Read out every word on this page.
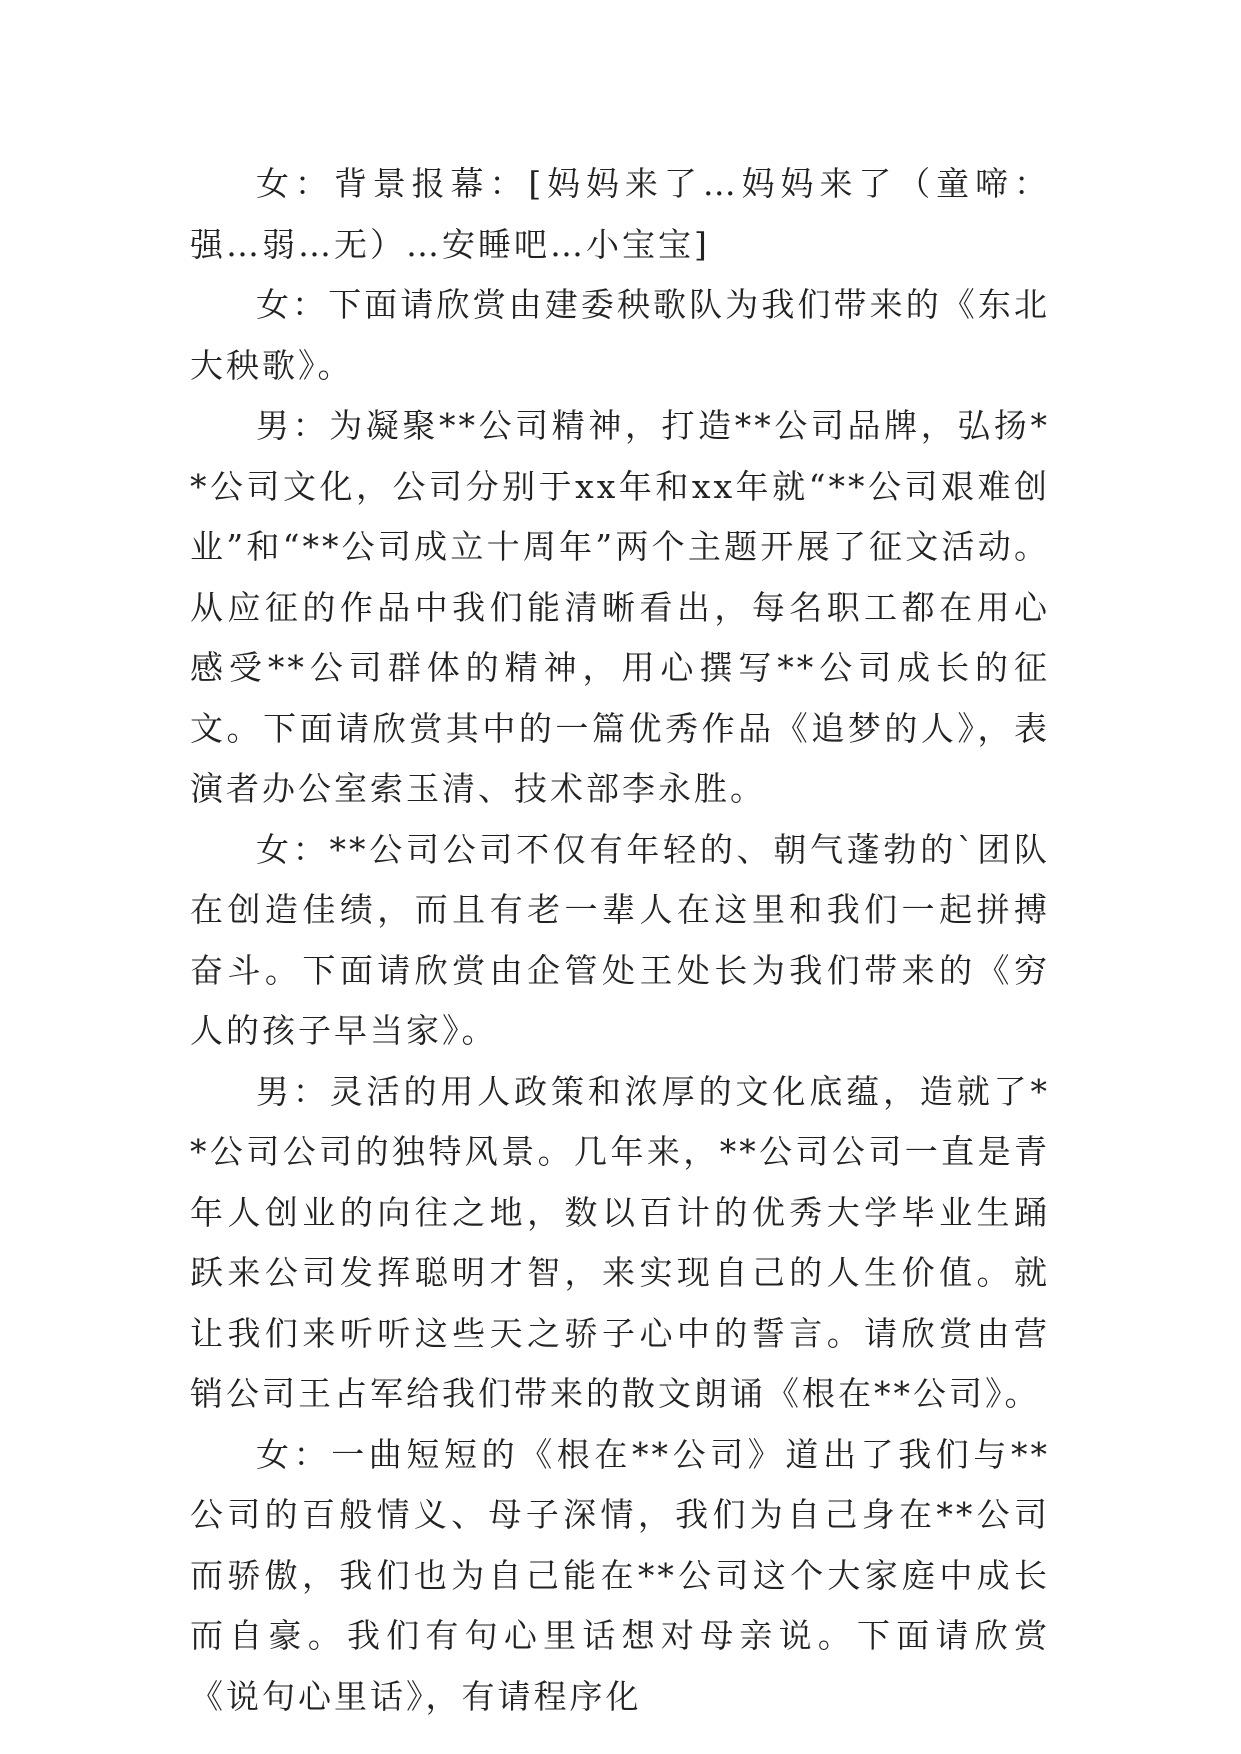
女：背景报幕：[妈妈来了…妈妈来了（童啼：强…弱…无）…安睡吧…小宝宝]

女：下面请欣赏由建委秧歌队为我们带来的《东北大秧歌》。

男：为凝聚**公司精神，打造**公司品牌，弘扬**公司文化，公司分别于xx年和xx年就“**公司艰难创业”和“**公司成立十周年”两个主题开展了征文活动。从应征的作品中我们能清晰看出，每名职工都在用心感受**公司群体的精神，用心撰写**公司成长的征文。下面请欣赏其中的一篇优秀作品《追梦的人》，表演者办公室索玉清、技术部李永胜。

女：**公司公司不仅有年轻的、朝气蓬勃的`团队在创造佳绩，而且有老一辈人在这里和我们一起拼搏奋斗。下面请欣赏由企管处王处长为我们带来的《穷人的孩子早当家》。

男：灵活的用人政策和浓厚的文化底蕴，造就了**公司公司的独特风景。几年来，**公司公司一直是青年人创业的向往之地，数以百计的优秀大学毕业生踊跃来公司发挥聪明才智，来实现自己的人生价值。就让我们来听听这些天之骄子心中的誓言。请欣赏由营销公司王占军给我们带来的散文朗诵《根在**公司》。

女：一曲短短的《根在**公司》道出了我们与**公司的百般情义、母子深情，我们为自己身在**公司而骄傲，我们也为自己能在**公司这个大家庭中成长而自豪。我们有句心里话想对母亲说。下面请欣赏《说句心里话》，有请程序化
